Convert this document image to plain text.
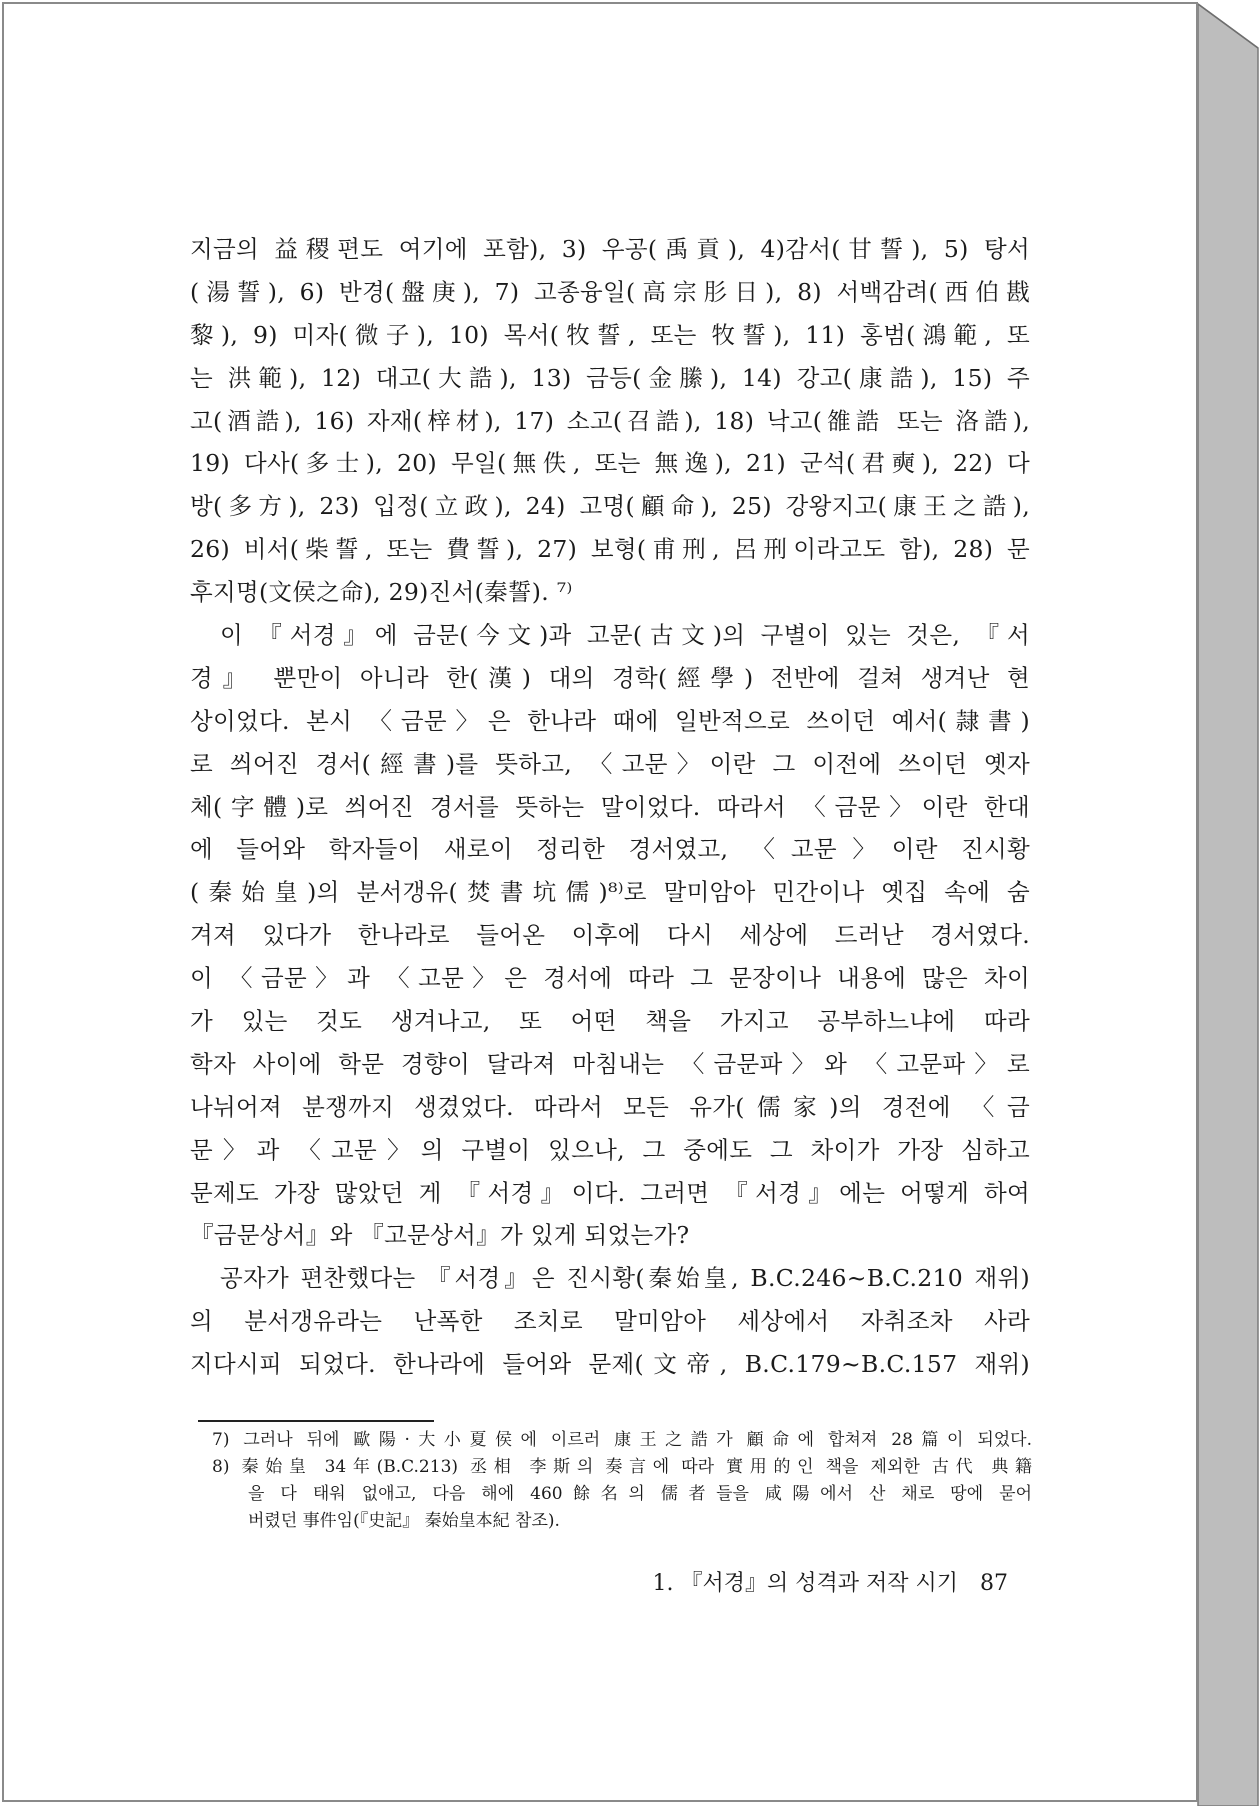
지금의 益稷편도 여기에 포함), 3) 우공(禹貢), 4)감서(甘誓), 5) 탕서
(湯誓), 6) 반경(盤庚), 7) 고종융일(高宗肜日), 8) 서백감려(西伯戡
黎), 9) 미자(微子), 10) 목서(牧誓, 또는 牧誓), 11) 홍범(鴻範, 또
는 洪範), 12) 대고(大誥), 13) 금등(金縢), 14) 강고(康誥), 15) 주
고(酒誥), 16) 자재(梓材), 17) 소고(召誥), 18) 낙고(雒誥 또는 洛誥),
19) 다사(多士), 20) 무일(無佚, 또는 無逸), 21) 군석(君奭), 22) 다
방(多方), 23) 입정(立政), 24) 고명(顧命), 25) 강왕지고(康王之誥),
26) 비서(柴誓, 또는 費誓), 27) 보형(甫刑, 呂刑이라고도 함), 28) 문
후지명(文侯之命), 29)진서(秦誓). ⁷⁾
이 『서경』에 금문(今文)과 고문(古文)의 구별이 있는 것은, 『서
경』 뿐만이 아니라 한(漢) 대의 경학(經學) 전반에 걸쳐 생겨난 현
상이었다. 본시 〈금문〉은 한나라 때에 일반적으로 쓰이던 예서(隷書)
로 씌어진 경서(經書)를 뜻하고, 〈고문〉이란 그 이전에 쓰이던 옛자
체(字體)로 씌어진 경서를 뜻하는 말이었다. 따라서 〈금문〉이란 한대
에 들어와 학자들이 새로이 정리한 경서였고, 〈고문〉이란 진시황
(秦始皇)의 분서갱유(焚書坑儒)⁸⁾로 말미암아 민간이나 옛집 속에 숨
겨져 있다가 한나라로 들어온 이후에 다시 세상에 드러난 경서였다.
이 〈금문〉과 〈고문〉은 경서에 따라 그 문장이나 내용에 많은 차이
가 있는 것도 생겨나고, 또 어떤 책을 가지고 공부하느냐에 따라
학자 사이에 학문 경향이 달라져 마침내는 〈금문파〉와 〈고문파〉로
나뉘어져 분쟁까지 생겼었다. 따라서 모든 유가(儒家)의 경전에 〈금
문〉과 〈고문〉의 구별이 있으나, 그 중에도 그 차이가 가장 심하고
문제도 가장 많았던 게 『서경』이다. 그러면 『서경』에는 어떻게 하여
『금문상서』와 『고문상서』가 있게 되었는가?
공자가 편찬했다는 『서경』은 진시황(秦始皇, B.C.246~B.C.210 재위)
의 분서갱유라는 난폭한 조치로 말미암아 세상에서 자취조차 사라
지다시피 되었다. 한나라에 들어와 문제(文帝, B.C.179~B.C.157 재위)
7) 그러나 뒤에 歐陽·大小夏侯에 이르러 康王之誥가 顧命에 합쳐져 28篇이 되었다.
8) 秦始皇 34年(B.C.213) 丞相 李斯의 奏言에 따라 實用的인 책을 제외한 古代 典籍
을 다 태워 없애고, 다음 해에 460餘名의 儒者들을 咸陽에서 산 채로 땅에 묻어
버렸던 事件임(『史記』 秦始皇本紀 참조).
1. 『서경』의 성격과 저작 시기 87
